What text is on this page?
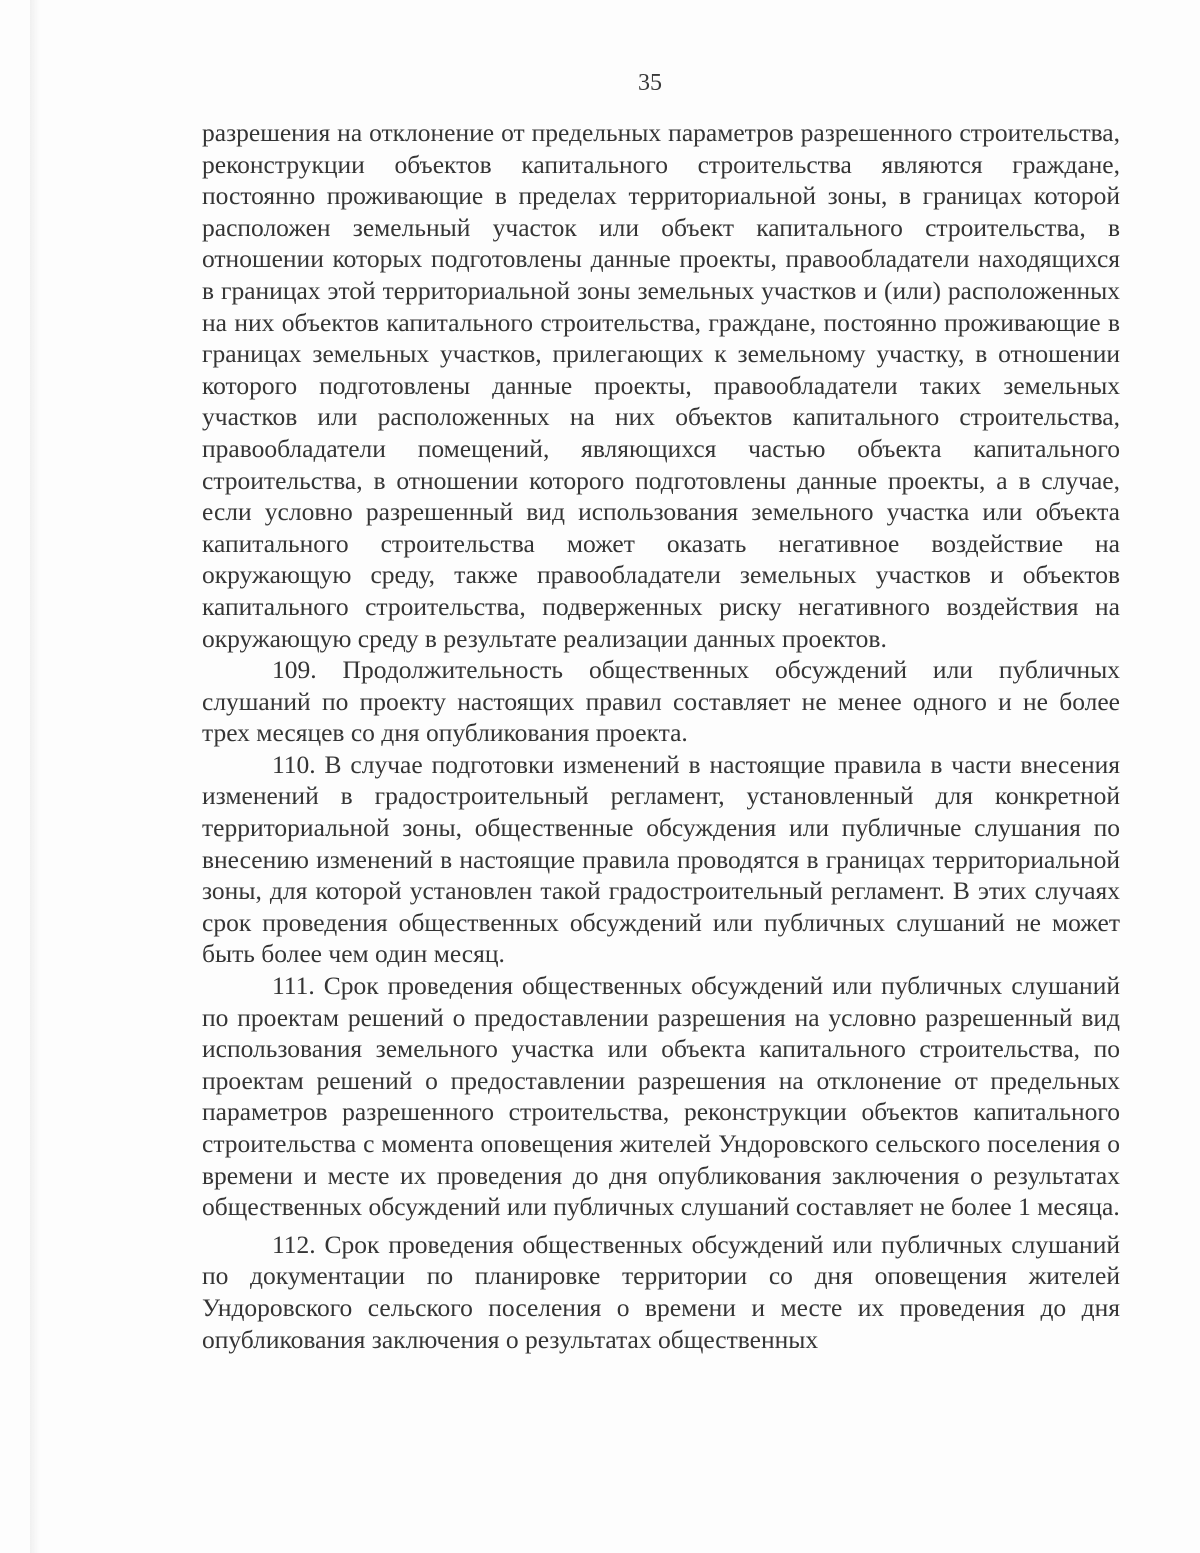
35

разрешения на отклонение от предельных параметров разрешенного строительства, реконструкции объектов капитального строительства являются граждане, постоянно проживающие в пределах территориальной зоны, в границах которой расположен земельный участок или объект капитального строительства, в отношении которых подготовлены данные проекты, правообладатели находящихся в границах этой территориальной зоны земельных участков и (или) расположенных на них объектов капитального строительства, граждане, постоянно проживающие в границах земельных участков, прилегающих к земельному участку, в отношении которого подготовлены данные проекты, правообладатели таких земельных участков или расположенных на них объектов капитального строительства, правообладатели помещений, являющихся частью объекта капитального строительства, в отношении которого подготовлены данные проекты, а в случае, если условно разрешенный вид использования земельного участка или объекта капитального строительства может оказать негативное воздействие на окружающую среду, также правообладатели земельных участков и объектов капитального строительства, подверженных риску негативного воздействия на окружающую среду в результате реализации данных проектов.

109. Продолжительность общественных обсуждений или публичных слушаний по проекту настоящих правил составляет не менее одного и не более трех месяцев со дня опубликования проекта.

110. В случае подготовки изменений в настоящие правила в части внесения изменений в градостроительный регламент, установленный для конкретной территориальной зоны, общественные обсуждения или публичные слушания по внесению изменений в настоящие правила проводятся в границах территориальной зоны, для которой установлен такой градостроительный регламент. В этих случаях срок проведения общественных обсуждений или публичных слушаний не может быть более чем один месяц.

111. Срок проведения общественных обсуждений или публичных слушаний по проектам решений о предоставлении разрешения на условно разрешенный вид использования земельного участка или объекта капитального строительства, по проектам решений о предоставлении разрешения на отклонение от предельных параметров разрешенного строительства, реконструкции объектов капитального строительства с момента оповещения жителей Ундоровского сельского поселения о времени и месте их проведения до дня опубликования заключения о результатах общественных обсуждений или публичных слушаний составляет не более 1 месяца.

112. Срок проведения общественных обсуждений или публичных слушаний по документации по планировке территории со дня оповещения жителей Ундоровского сельского поселения о времени и месте их проведения до дня опубликования заключения о результатах общественных
